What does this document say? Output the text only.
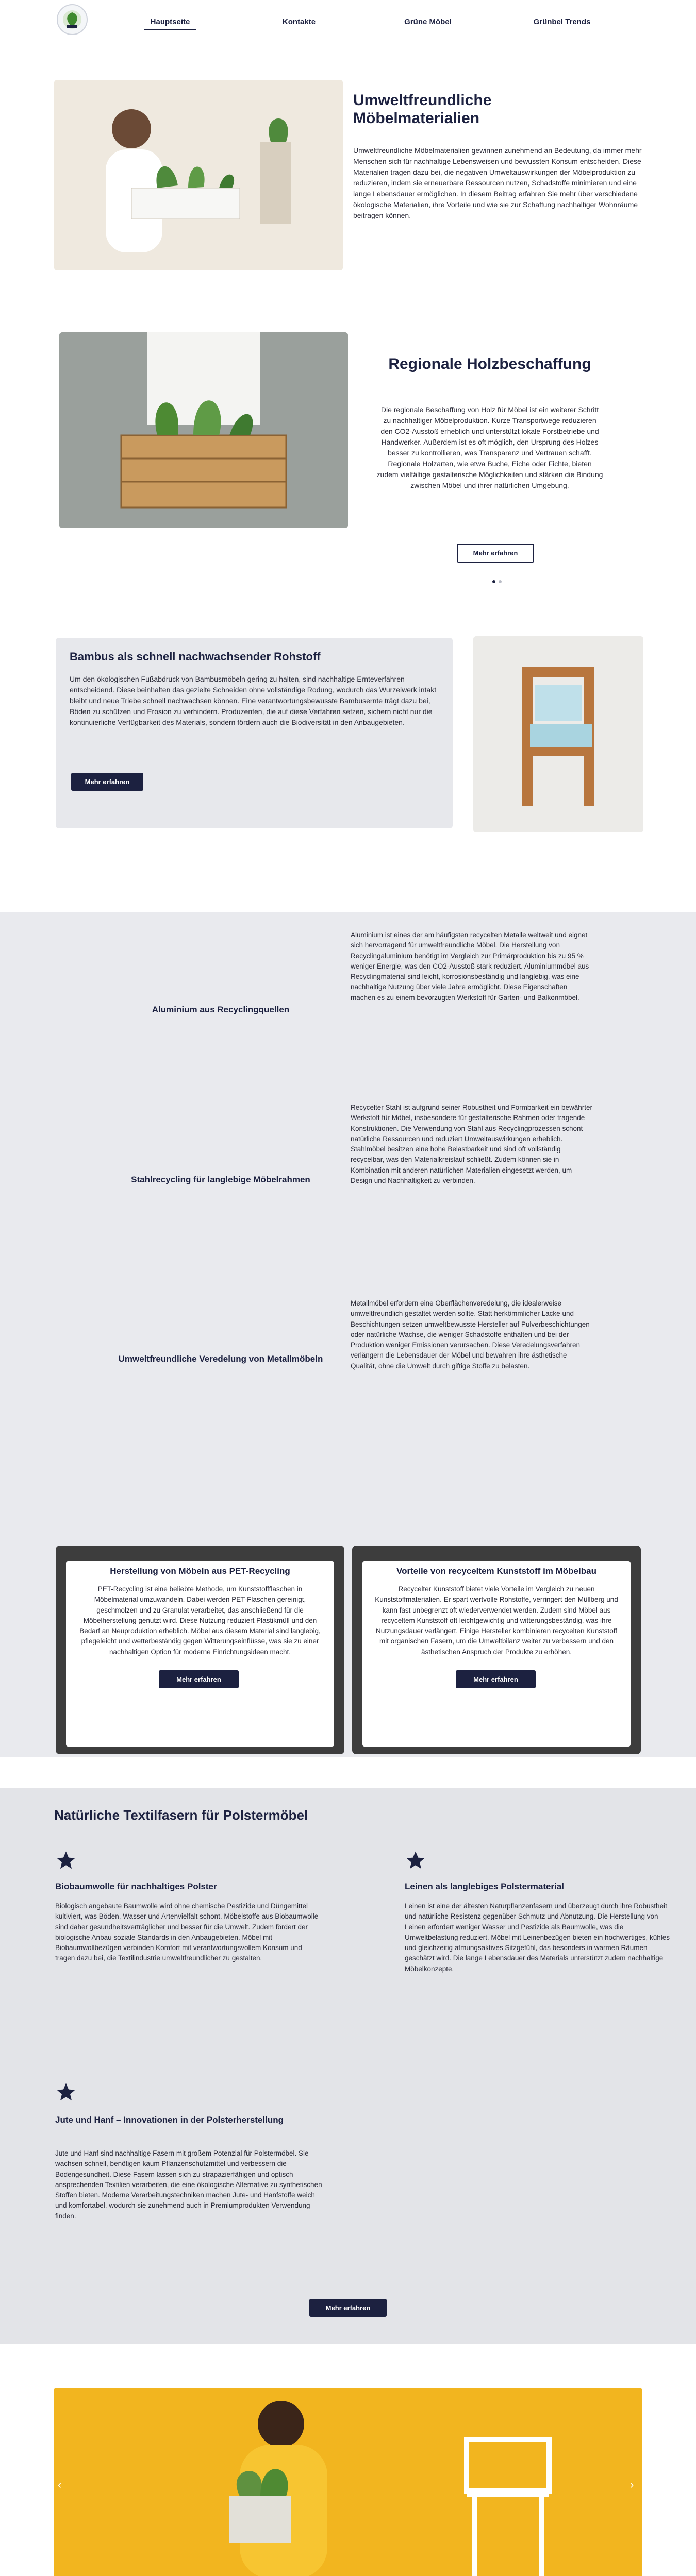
Hauptseite	Kontakte	Grüne Möbel	Grünbel Trends
Umweltfreundliche Möbelmaterialien

Umweltfreundliche Möbelmaterialien gewinnen zunehmend an Bedeutung, da immer mehr Menschen sich für nachhaltige Lebensweisen und bewussten Konsum entscheiden. Diese Materialien tragen dazu bei, die negativen Umweltauswirkungen der Möbelproduktion zu reduzieren, indem sie erneuerbare Ressourcen nutzen, Schadstoffe minimieren und eine lange Lebensdauer ermöglichen. In diesem Beitrag erfahren Sie mehr über verschiedene ökologische Materialien, ihre Vorteile und wie sie zur Schaffung nachhaltiger Wohnräume beitragen können.

Regionale Holzbeschaffung

Die regionale Beschaffung von Holz für Möbel ist ein weiterer Schritt zu nachhaltiger Möbelproduktion. Kurze Transportwege reduzieren den CO2-Ausstoß erheblich und unterstützt lokale Forstbetriebe und Handwerker. Außerdem ist es oft möglich, den Ursprung des Holzes besser zu kontrollieren, was Transparenz und Vertrauen schafft. Regionale Holzarten, wie etwa Buche, Eiche oder Fichte, bieten zudem vielfältige gestalterische Möglichkeiten und stärken die Bindung zwischen Möbel und ihrer natürlichen Umgebung.

Mehr erfahren
Bambus als schnell nachwachsender Rohstoff

Um den ökologischen Fußabdruck von Bambusmöbeln gering zu halten, sind nachhaltige Ernteverfahren entscheidend. Diese beinhalten das gezielte Schneiden ohne vollständige Rodung, wodurch das Wurzelwerk intakt bleibt und neue Triebe schnell nachwachsen können. Eine verantwortungsbewusste Bambusernte trägt dazu bei, Böden zu schützen und Erosion zu verhindern. Produzenten, die auf diese Verfahren setzen, sichern nicht nur die kontinuierliche Verfügbarkeit des Materials, sondern fördern auch die Biodiversität in den Anbaugebieten.

Mehr erfahren
Aluminium aus Recyclingquellen

Aluminium ist eines der am häufigsten recycelten Metalle weltweit und eignet sich hervorragend für umweltfreundliche Möbel. Die Herstellung von Recyclingaluminium benötigt im Vergleich zur Primärproduktion bis zu 95 % weniger Energie, was den CO2-Ausstoß stark reduziert. Aluminiummöbel aus Recyclingmaterial sind leicht, korrosionsbeständig und langlebig, was eine nachhaltige Nutzung über viele Jahre ermöglicht. Diese Eigenschaften machen es zu einem bevorzugten Werkstoff für Garten- und Balkonmöbel.

Stahlrecycling für langlebige Möbelrahmen

Recycelter Stahl ist aufgrund seiner Robustheit und Formbarkeit ein bewährter Werkstoff für Möbel, insbesondere für gestalterische Rahmen oder tragende Konstruktionen. Die Verwendung von Stahl aus Recyclingprozessen schont natürliche Ressourcen und reduziert Umweltauswirkungen erheblich. Stahlmöbel besitzen eine hohe Belastbarkeit und sind oft vollständig recycelbar, was den Materialkreislauf schließt. Zudem können sie in Kombination mit anderen natürlichen Materialien eingesetzt werden, um Design und Nachhaltigkeit zu verbinden.

Umweltfreundliche Veredelung von Metallmöbeln

Metallmöbel erfordern eine Oberflächenveredelung, die idealerweise umweltfreundlich gestaltet werden sollte. Statt herkömmlicher Lacke und Beschichtungen setzen umweltbewusste Hersteller auf Pulverbeschichtungen oder natürliche Wachse, die weniger Schadstoffe enthalten und bei der Produktion weniger Emissionen verursachen. Diese Veredelungsverfahren verlängern die Lebensdauer der Möbel und bewahren ihre ästhetische Qualität, ohne die Umwelt durch giftige Stoffe zu belasten.

Herstellung von Möbeln aus PET-Recycling

PET-Recycling ist eine beliebte Methode, um Kunststoffflaschen in Möbelmaterial umzuwandeln. Dabei werden PET-Flaschen gereinigt, geschmolzen und zu Granulat verarbeitet, das anschließend für die Möbelherstellung genutzt wird. Diese Nutzung reduziert Plastikmüll und den Bedarf an Neuproduktion erheblich. Möbel aus diesem Material sind langlebig, pflegeleicht und wetterbeständig gegen Witterungseinflüsse, was sie zu einer nachhaltigen Option für moderne Einrichtungsideen macht.

Mehr erfahren
Vorteile von recyceltem Kunststoff im Möbelbau

Recycelter Kunststoff bietet viele Vorteile im Vergleich zu neuen Kunststoffmaterialien. Er spart wertvolle Rohstoffe, verringert den Müllberg und kann fast unbegrenzt oft wiederverwendet werden. Zudem sind Möbel aus recyceltem Kunststoff oft leichtgewichtig und witterungsbeständig, was ihre Nutzungsdauer verlängert. Einige Hersteller kombinieren recycelten Kunststoff mit organischen Fasern, um die Umweltbilanz weiter zu verbessern und den ästhetischen Anspruch der Produkte zu erhöhen.

Mehr erfahren
Natürliche Textilfasern für Polstermöbel
Biobaumwolle für nachhaltiges Polster

Biologisch angebaute Baumwolle wird ohne chemische Pestizide und Düngemittel kultiviert, was Böden, Wasser und Artenvielfalt schont. Möbelstoffe aus Biobaumwolle sind daher gesundheitsverträglicher und besser für die Umwelt. Zudem fördert der biologische Anbau soziale Standards in den Anbaugebieten. Möbel mit Biobaumwollbezügen verbinden Komfort mit verantwortungsvollem Konsum und tragen dazu bei, die Textilindustrie umweltfreundlicher zu gestalten.

Leinen als langlebiges Polstermaterial

Leinen ist eine der ältesten Naturpflanzenfasern und überzeugt durch ihre Robustheit und natürliche Resistenz gegenüber Schmutz und Abnutzung. Die Herstellung von Leinen erfordert weniger Wasser und Pestizide als Baumwolle, was die Umweltbelastung reduziert. Möbel mit Leinenbezügen bieten ein hochwertiges, kühles und gleichzeitig atmungsaktives Sitzgefühl, das besonders in warmen Räumen geschätzt wird. Die lange Lebensdauer des Materials unterstützt zudem nachhaltige Möbelkonzepte.

Jute und Hanf – Innovationen in der Polsterherstellung

Jute und Hanf sind nachhaltige Fasern mit großem Potenzial für Polstermöbel. Sie wachsen schnell, benötigen kaum Pflanzenschutzmittel und verbessern die Bodengesundheit. Diese Fasern lassen sich zu strapazierfähigen und optisch ansprechenden Textilien verarbeiten, die eine ökologische Alternative zu synthetischen Stoffen bieten. Moderne Verarbeitungstechniken machen Jute- und Hanfstoffe weich und komfortabel, wodurch sie zunehmend auch in Premiumprodukten Verwendung finden.

Mehr erfahren
‹	›
